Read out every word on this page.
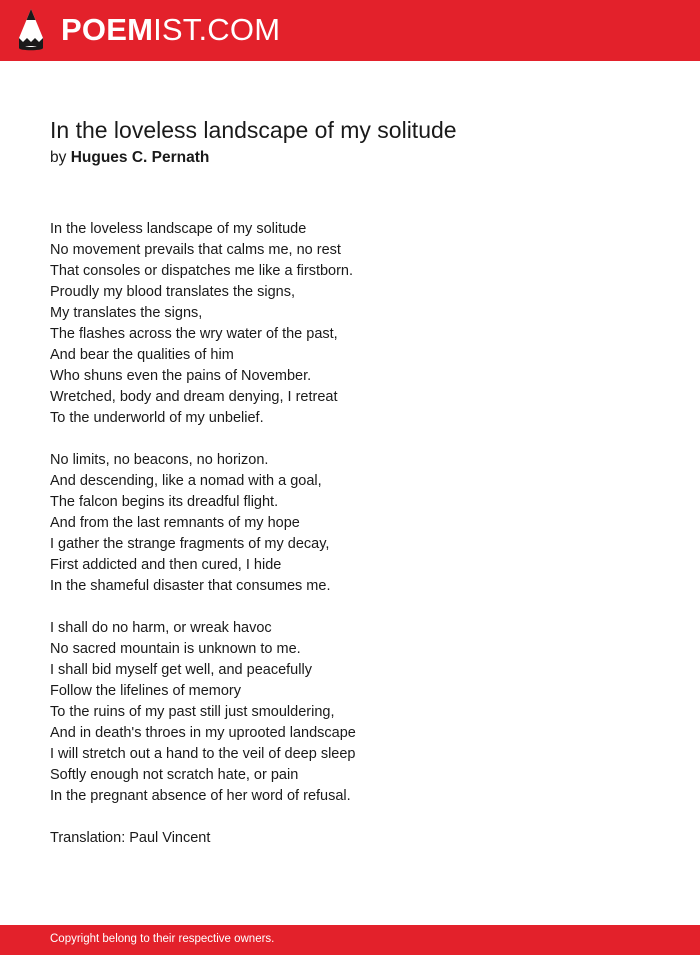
POEMIST.COM
In the loveless landscape of my solitude
by Hugues C. Pernath
In the loveless landscape of my solitude
No movement prevails that calms me, no rest
That consoles or dispatches me like a firstborn.
Proudly my blood translates the signs,
My translates the signs,
The flashes across the wry water of the past,
And bear the qualities of him
Who shuns even the pains of November.
Wretched, body and dream denying, I retreat
To the underworld of my unbelief.
No limits, no beacons, no horizon.
And descending, like a nomad with a goal,
The falcon begins its dreadful flight.
And from the last remnants of my hope
I gather the strange fragments of my decay,
First addicted and then cured, I hide
In the shameful disaster that consumes me.
I shall do no harm, or wreak havoc
No sacred mountain is unknown to me.
I shall bid myself get well, and peacefully
Follow the lifelines of memory
To the ruins of my past still just smouldering,
And in death's throes in my uprooted landscape
I will stretch out a hand to the veil of deep sleep
Softly enough not scratch hate, or pain
In the pregnant absence of her word of refusal.
Translation: Paul Vincent
Copyright belong to their respective owners.
